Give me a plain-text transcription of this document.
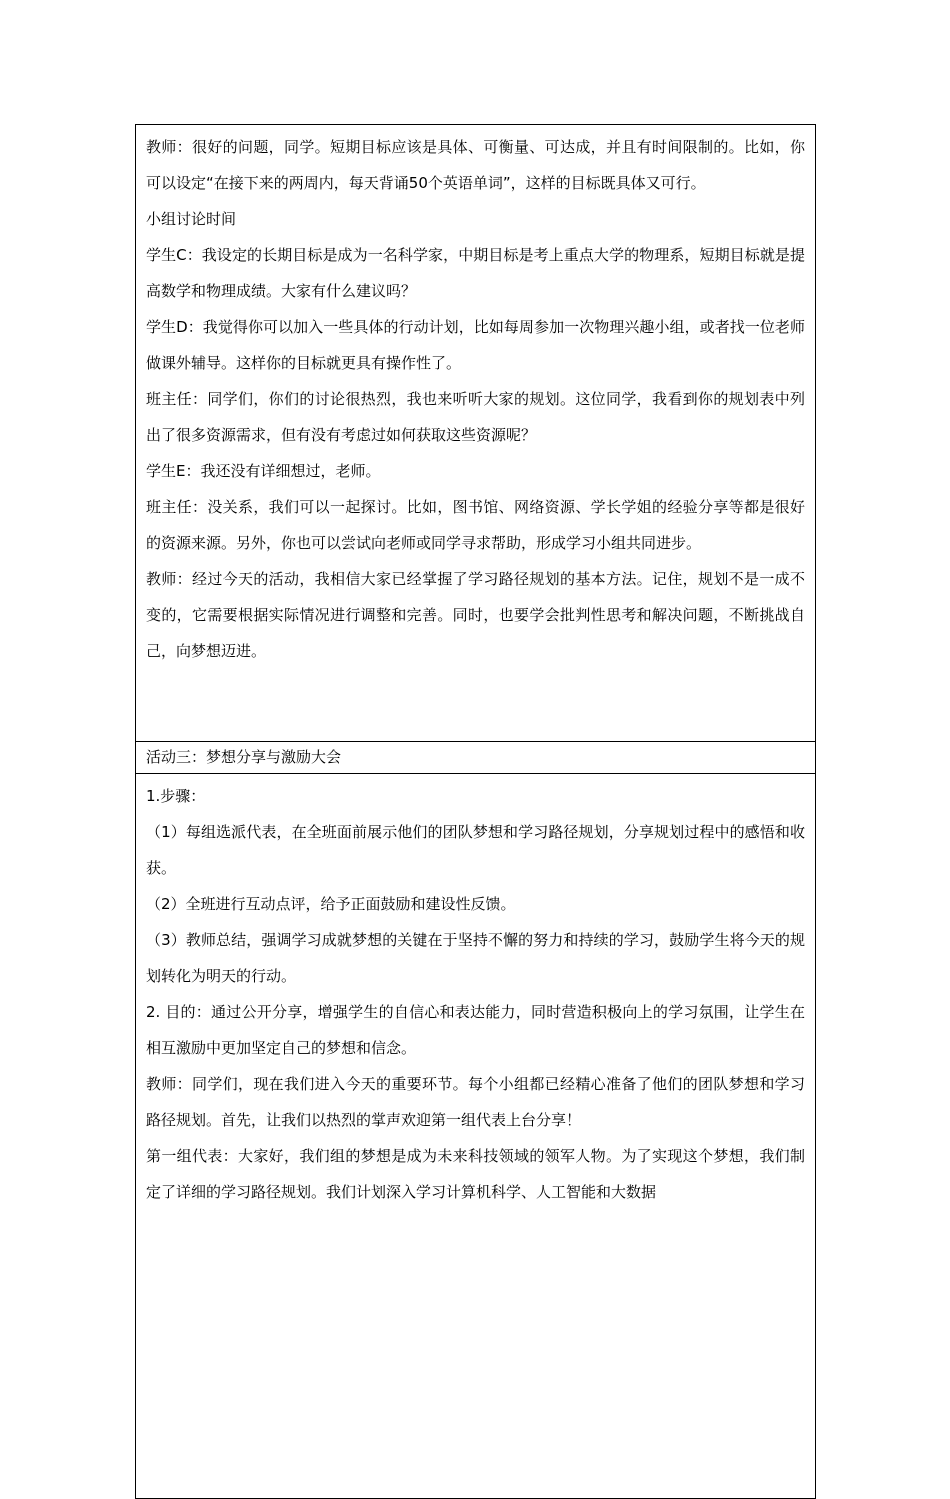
教师：很好的问题，同学。短期目标应该是具体、可衡量、可达成，并且有时间限制的。比如，你可以设定“在接下来的两周内，每天背诵50个英语单词”，这样的目标既具体又可行。

小组讨论时间

学生C：我设定的长期目标是成为一名科学家，中期目标是考上重点大学的物理系，短期目标就是提高数学和物理成绩。大家有什么建议吗？

学生D：我觉得你可以加入一些具体的行动计划，比如每周参加一次物理兴趣小组，或者找一位老师做课外辅导。这样你的目标就更具有操作性了。

班主任：同学们，你们的讨论很热烈，我也来听听大家的规划。这位同学，我看到你的规划表中列出了很多资源需求，但有没有考虑过如何获取这些资源呢？

学生E：我还没有详细想过，老师。

班主任：没关系，我们可以一起探讨。比如，图书馆、网络资源、学长学姐的经验分享等都是很好的资源来源。另外，你也可以尝试向老师或同学寻求帮助，形成学习小组共同进步。

教师：经过今天的活动，我相信大家已经掌握了学习路径规划的基本方法。记住，规划不是一成不变的，它需要根据实际情况进行调整和完善。同时，也要学会批判性思考和解决问题，不断挑战自己，向梦想迈进。

活动三：梦想分享与激励大会

1.步骤：

（1）每组选派代表，在全班面前展示他们的团队梦想和学习路径规划，分享规划过程中的感悟和收获。

（2）全班进行互动点评，给予正面鼓励和建设性反馈。

（3）教师总结，强调学习成就梦想的关键在于坚持不懈的努力和持续的学习，鼓励学生将今天的规划转化为明天的行动。

2. 目的：通过公开分享，增强学生的自信心和表达能力，同时营造积极向上的学习氛围，让学生在相互激励中更加坚定自己的梦想和信念。

教师：同学们，现在我们进入今天的重要环节。每个小组都已经精心准备了他们的团队梦想和学习路径规划。首先，让我们以热烈的掌声欢迎第一组代表上台分享！

第一组代表：大家好，我们组的梦想是成为未来科技领域的领军人物。为了实现这个梦想，我们制定了详细的学习路径规划。我们计划深入学习计算机科学、人工智能和大数据
